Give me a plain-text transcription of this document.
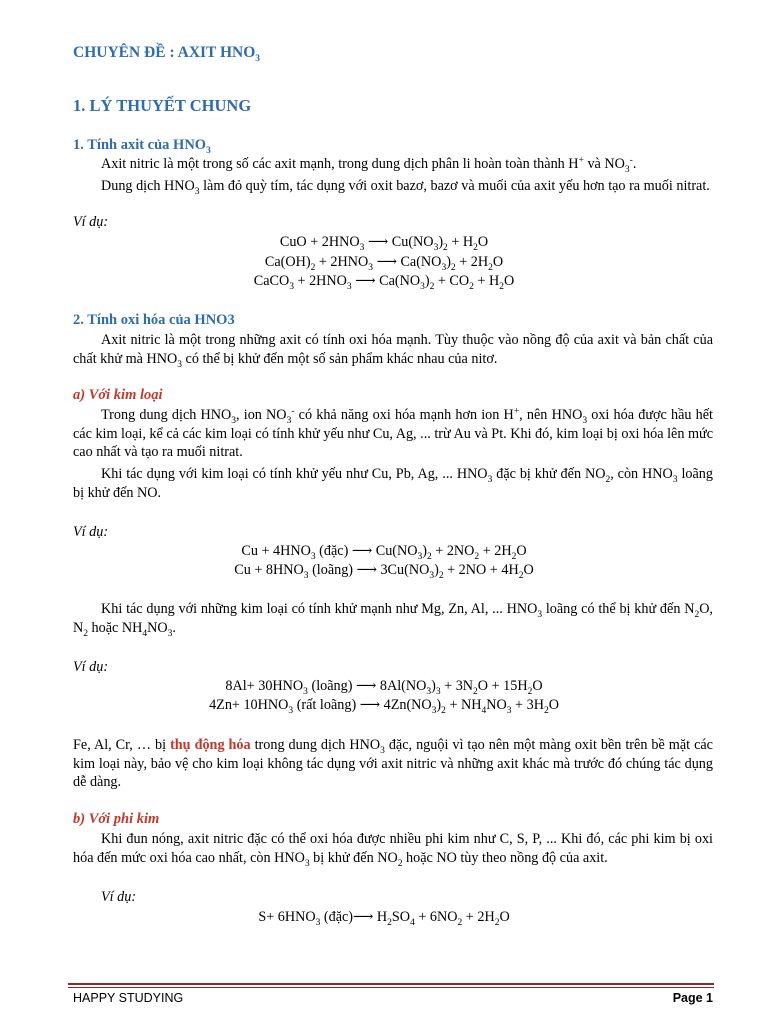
CHUYÊN ĐỀ : AXIT $HNO_3$
1. LÝ THUYẾT CHUNG
1. Tính axit của $HNO_3$
Axit nitric là một trong số các axit mạnh, trong dung dịch phân li hoàn toàn thành H+ và $NO_3^-$.
Dung dịch $HNO_3$ làm đỏ quỳ tím, tác dụng với oxit bazơ, bazơ và muối của axit yếu hơn tạo ra muối nitrat.
Ví dụ:
CuO + $2HNO_3$ ⟶ $Cu(NO_3)_2 + H_2O$
$Ca(OH)_2 + 2HNO_3$ ⟶ $Ca(NO_3)_2 + 2H_2O$
CaCO$_3$ + $2HNO_3$ ⟶ $Ca(NO_3)_2 + CO_2 + H_2O$
2. Tính oxi hóa của HNO3
Axit nitric là một trong những axit có tính oxi hóa mạnh. Tùy thuộc vào nồng độ của axit và bản chất của chất khử mà $HNO_3$ có thể bị khử đến một số sản phẩm khác nhau của nitơ.
a) Với kim loại
Trong dung dịch $HNO_3$, ion $NO_3^-$ có khả năng oxi hóa mạnh hơn ion H+, nên $HNO_3$ oxi hóa được hầu hết các kim loại, kể cả các kim loại có tính khử yếu như Cu, Ag, ... trừ Au và Pt. Khi đó, kim loại bị oxi hóa lên mức cao nhất và tạo ra muối nitrat.
Khi tác dụng với kim loại có tính khử yếu như Cu, Pb, Ag, ... $HNO_3$ đặc bị khử đến $NO_2$, còn $HNO_3$ loãng bị khử đến NO.
Ví dụ:
$Cu + 4HNO_3$ (đặc) ⟶ $Cu(NO_3)_2 + 2NO_2 + 2H_2O$
$Cu + 8HNO_3$ (loãng) ⟶ $3Cu(NO_3)_2 + 2NO + 4H_2O$
Khi tác dụng với những kim loại có tính khử mạnh như Mg, Zn, Al, ... $HNO_3$ loãng có thể bị khử đến $N_2O$, $N_2$ hoặc $NH_4NO_3$.
Ví dụ:
$8Al+ 30HNO_3$ (loãng) ⟶ $8Al(NO_3)_3 + 3N_2O + 15H_2O$
$4Zn+ 10HNO_3$ (rất loãng) ⟶ $4Zn(NO_3)_2 + NH_4NO_3 + 3H_2O$
Fe, Al, Cr, … bị thụ động hóa trong dung dịch $HNO_3$ đặc, nguội vì tạo nên một màng oxit bền trên bề mặt các kim loại này, bảo vệ cho kim loại không tác dụng với axit nitric và những axit khác mà trước đó chúng tác dụng dễ dàng.
b) Với phi kim
Khi đun nóng, axit nitric đặc có thể oxi hóa được nhiều phi kim như C, S, P, ... Khi đó, các phi kim bị oxi hóa đến mức oxi hóa cao nhất, còn $HNO_3$ bị khử đến $NO_2$ hoặc NO tùy theo nồng độ của axit.
Ví dụ:
$S+ 6HNO_3$ (đặc)⟶ $H_2SO_4 + 6NO_2 + 2H_2O$
HAPPY STUDYING	Page 1
